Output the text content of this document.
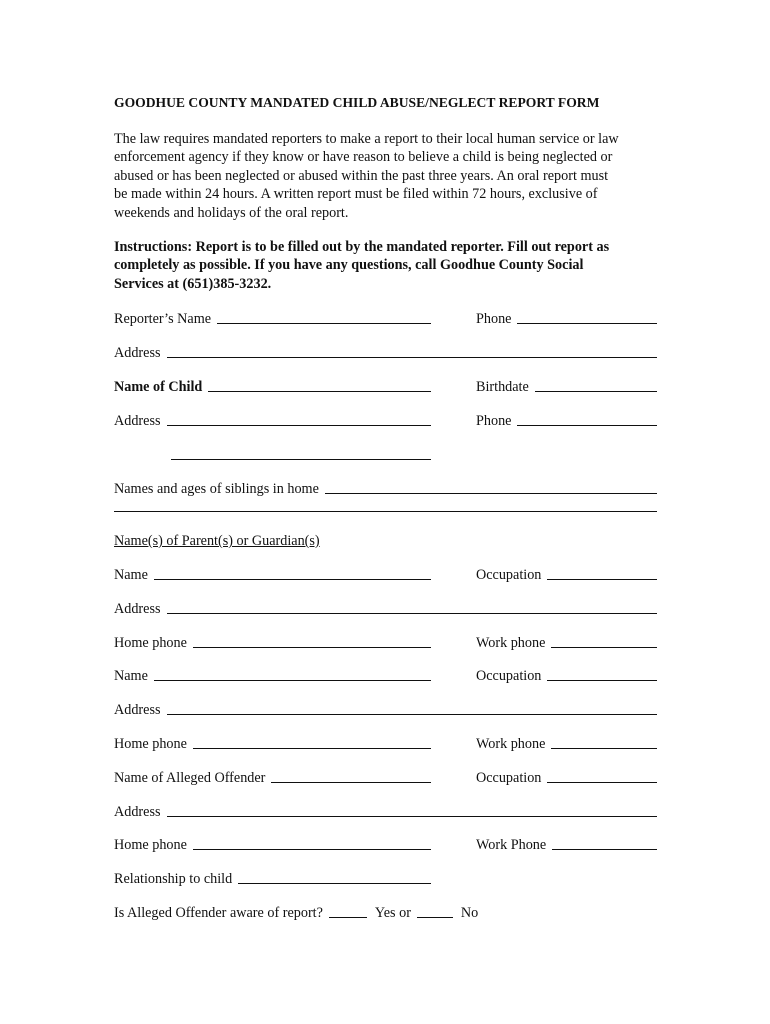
GOODHUE COUNTY MANDATED CHILD ABUSE/NEGLECT REPORT FORM
The law requires mandated reporters to make a report to their local human service or law
enforcement agency if they know or have reason to believe a child is being neglected or
abused or has been neglected or abused within the past three years. An oral report must
be made within 24 hours. A written report must be filed within 72 hours, exclusive of
weekends and holidays of the oral report.
Instructions: Report is to be filled out by the mandated reporter. Fill out report as
completely as possible. If you have any questions, call Goodhue County Social
Services at (651)385-3232.
Reporter’s Name	Phone
Address
Name of Child	Birthdate
Address	Phone
Names and ages of siblings in home
Name(s) of Parent(s) or Guardian(s)
Name	Occupation
Address
Home phone	Work phone
Name	Occupation
Address
Home phone	Work phone
Name of Alleged Offender	Occupation
Address
Home phone	Work Phone
Relationship to child
Is Alleged Offender aware of report?	Yes or	No
